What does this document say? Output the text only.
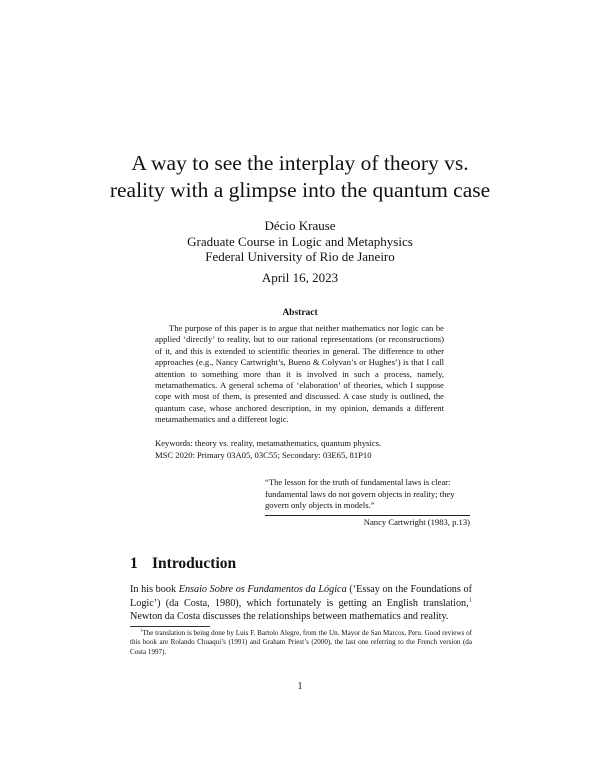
A way to see the interplay of theory vs.
reality with a glimpse into the quantum case
Décio Krause
Graduate Course in Logic and Metaphysics
Federal University of Rio de Janeiro
April 16, 2023
Abstract

The purpose of this paper is to argue that neither mathematics nor logic can be applied ‘directly’ to reality, but to our rational representations (or reconstructions) of it, and this is extended to scientific theories in general. The difference to other approaches (e.g., Nancy Cartwright’s, Bueno & Colyvan’s or Hughes’) is that I call attention to something more than it is involved in such a process, namely, metamathematics. A general schema of ‘elaboration’ of theories, which I suppose cope with most of them, is presented and discussed. A case study is outlined, the quantum case, whose anchored description, in my opinion, demands a different metamathematics and a different logic.

Keywords: theory vs. reality, metamathematics, quantum physics.
MSC 2020: Primary 03A05, 03C55; Secondary: 03E65, 81P10
“The lesson for the truth of fundamental laws is clear: fundamental laws do not govern objects in reality; they govern only objects in models.”
Nancy Cartwright (1983, p.13)
1 Introduction

In his book Ensaio Sobre os Fundamentos da Lógica (‘Essay on the Foundations of Logic’) (da Costa, 1980), which fortunately is getting an English translation,$^1$ Newton da Costa discusses the relationships between mathematics and reality.

$^1$The translation is being done by Luis F. Bartolo Alegre, from the Un. Mayor de San Marcos, Peru. Good reviews of this book are Rolando Chuaqui’s (1991) and Graham Priest’s (2000), the last one referring to the French version (da Costa 1997).

1
